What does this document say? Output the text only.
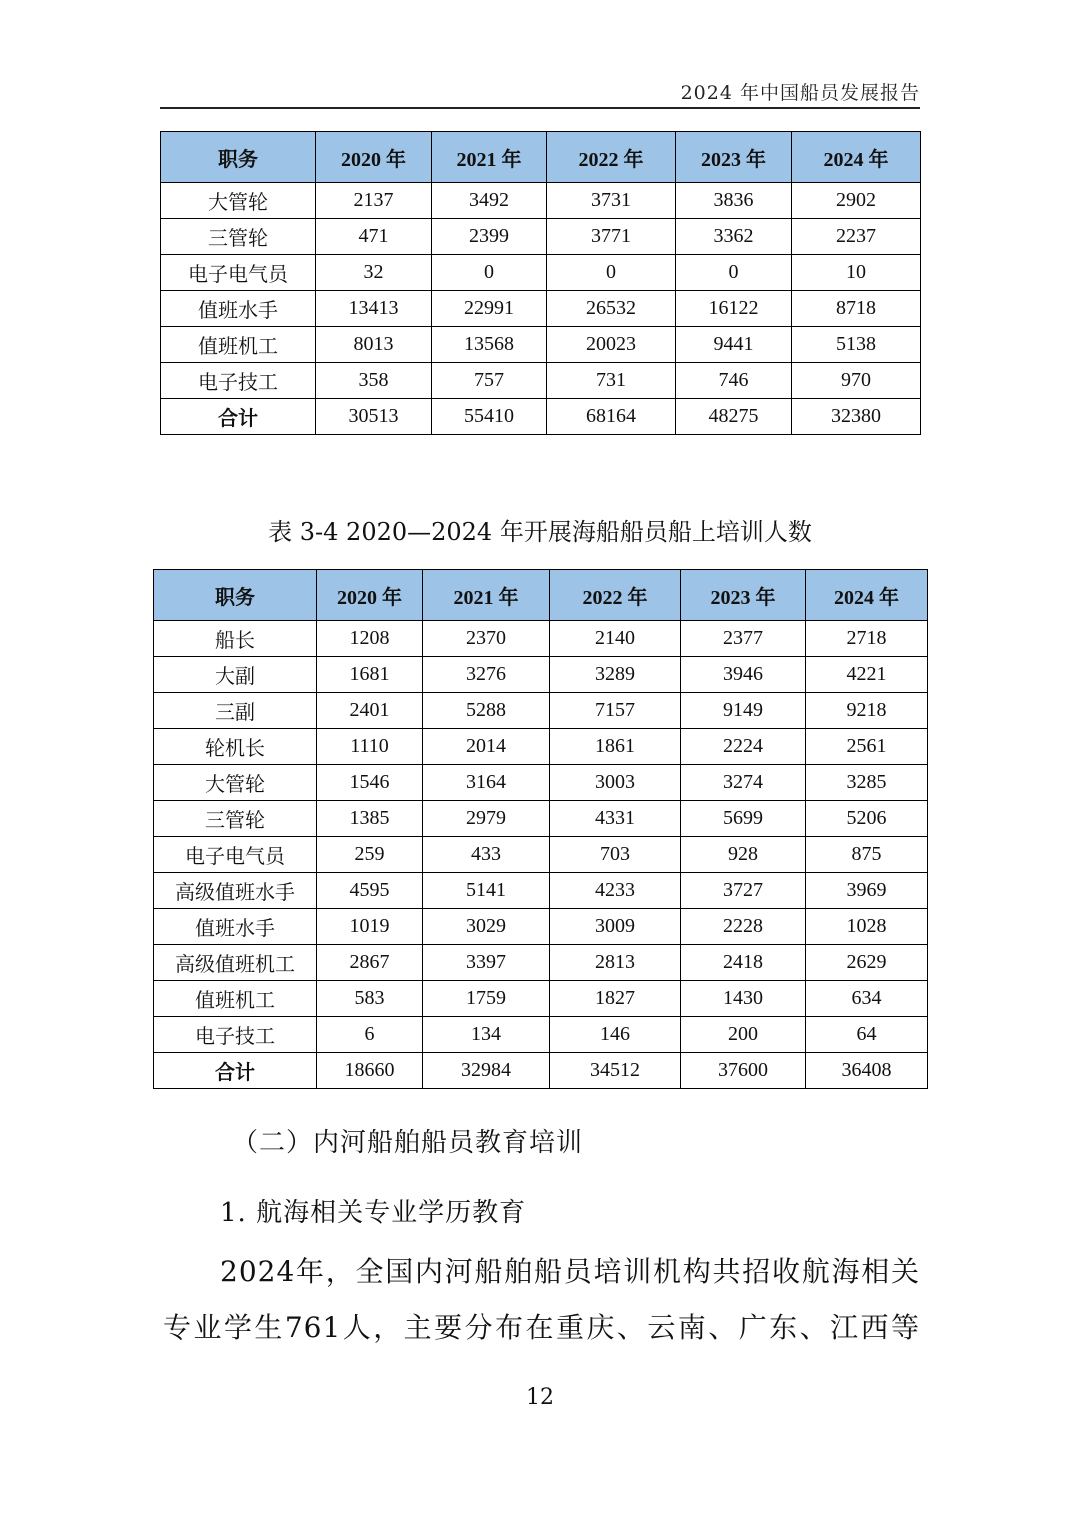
2024 年中国船员发展报告
职务	2020 年	2021 年	2022 年	2023 年	2024 年
大管轮	2137	3492	3731	3836	2902
三管轮	471	2399	3771	3362	2237
电子电气员	32	0	0	0	10
值班水手	13413	22991	26532	16122	8718
值班机工	8013	13568	20023	9441	5138
电子技工	358	757	731	746	970
合计	30513	55410	68164	48275	32380
表 3-4 2020—2024 年开展海船船员船上培训人数
职务	2020 年	2021 年	2022 年	2023 年	2024 年
船长	1208	2370	2140	2377	2718
大副	1681	3276	3289	3946	4221
三副	2401	5288	7157	9149	9218
轮机长	1110	2014	1861	2224	2561
大管轮	1546	3164	3003	3274	3285
三管轮	1385	2979	4331	5699	5206
电子电气员	259	433	703	928	875
高级值班水手	4595	5141	4233	3727	3969
值班水手	1019	3029	3009	2228	1028
高级值班机工	2867	3397	2813	2418	2629
值班机工	583	1759	1827	1430	634
电子技工	6	134	146	200	64
合计	18660	32984	34512	37600	36408
（二）内河船舶船员教育培训
1. 航海相关专业学历教育
2024年，全国内河船舶船员培训机构共招收航海相关
专业学生761人，主要分布在重庆、云南、广东、江西等
12
